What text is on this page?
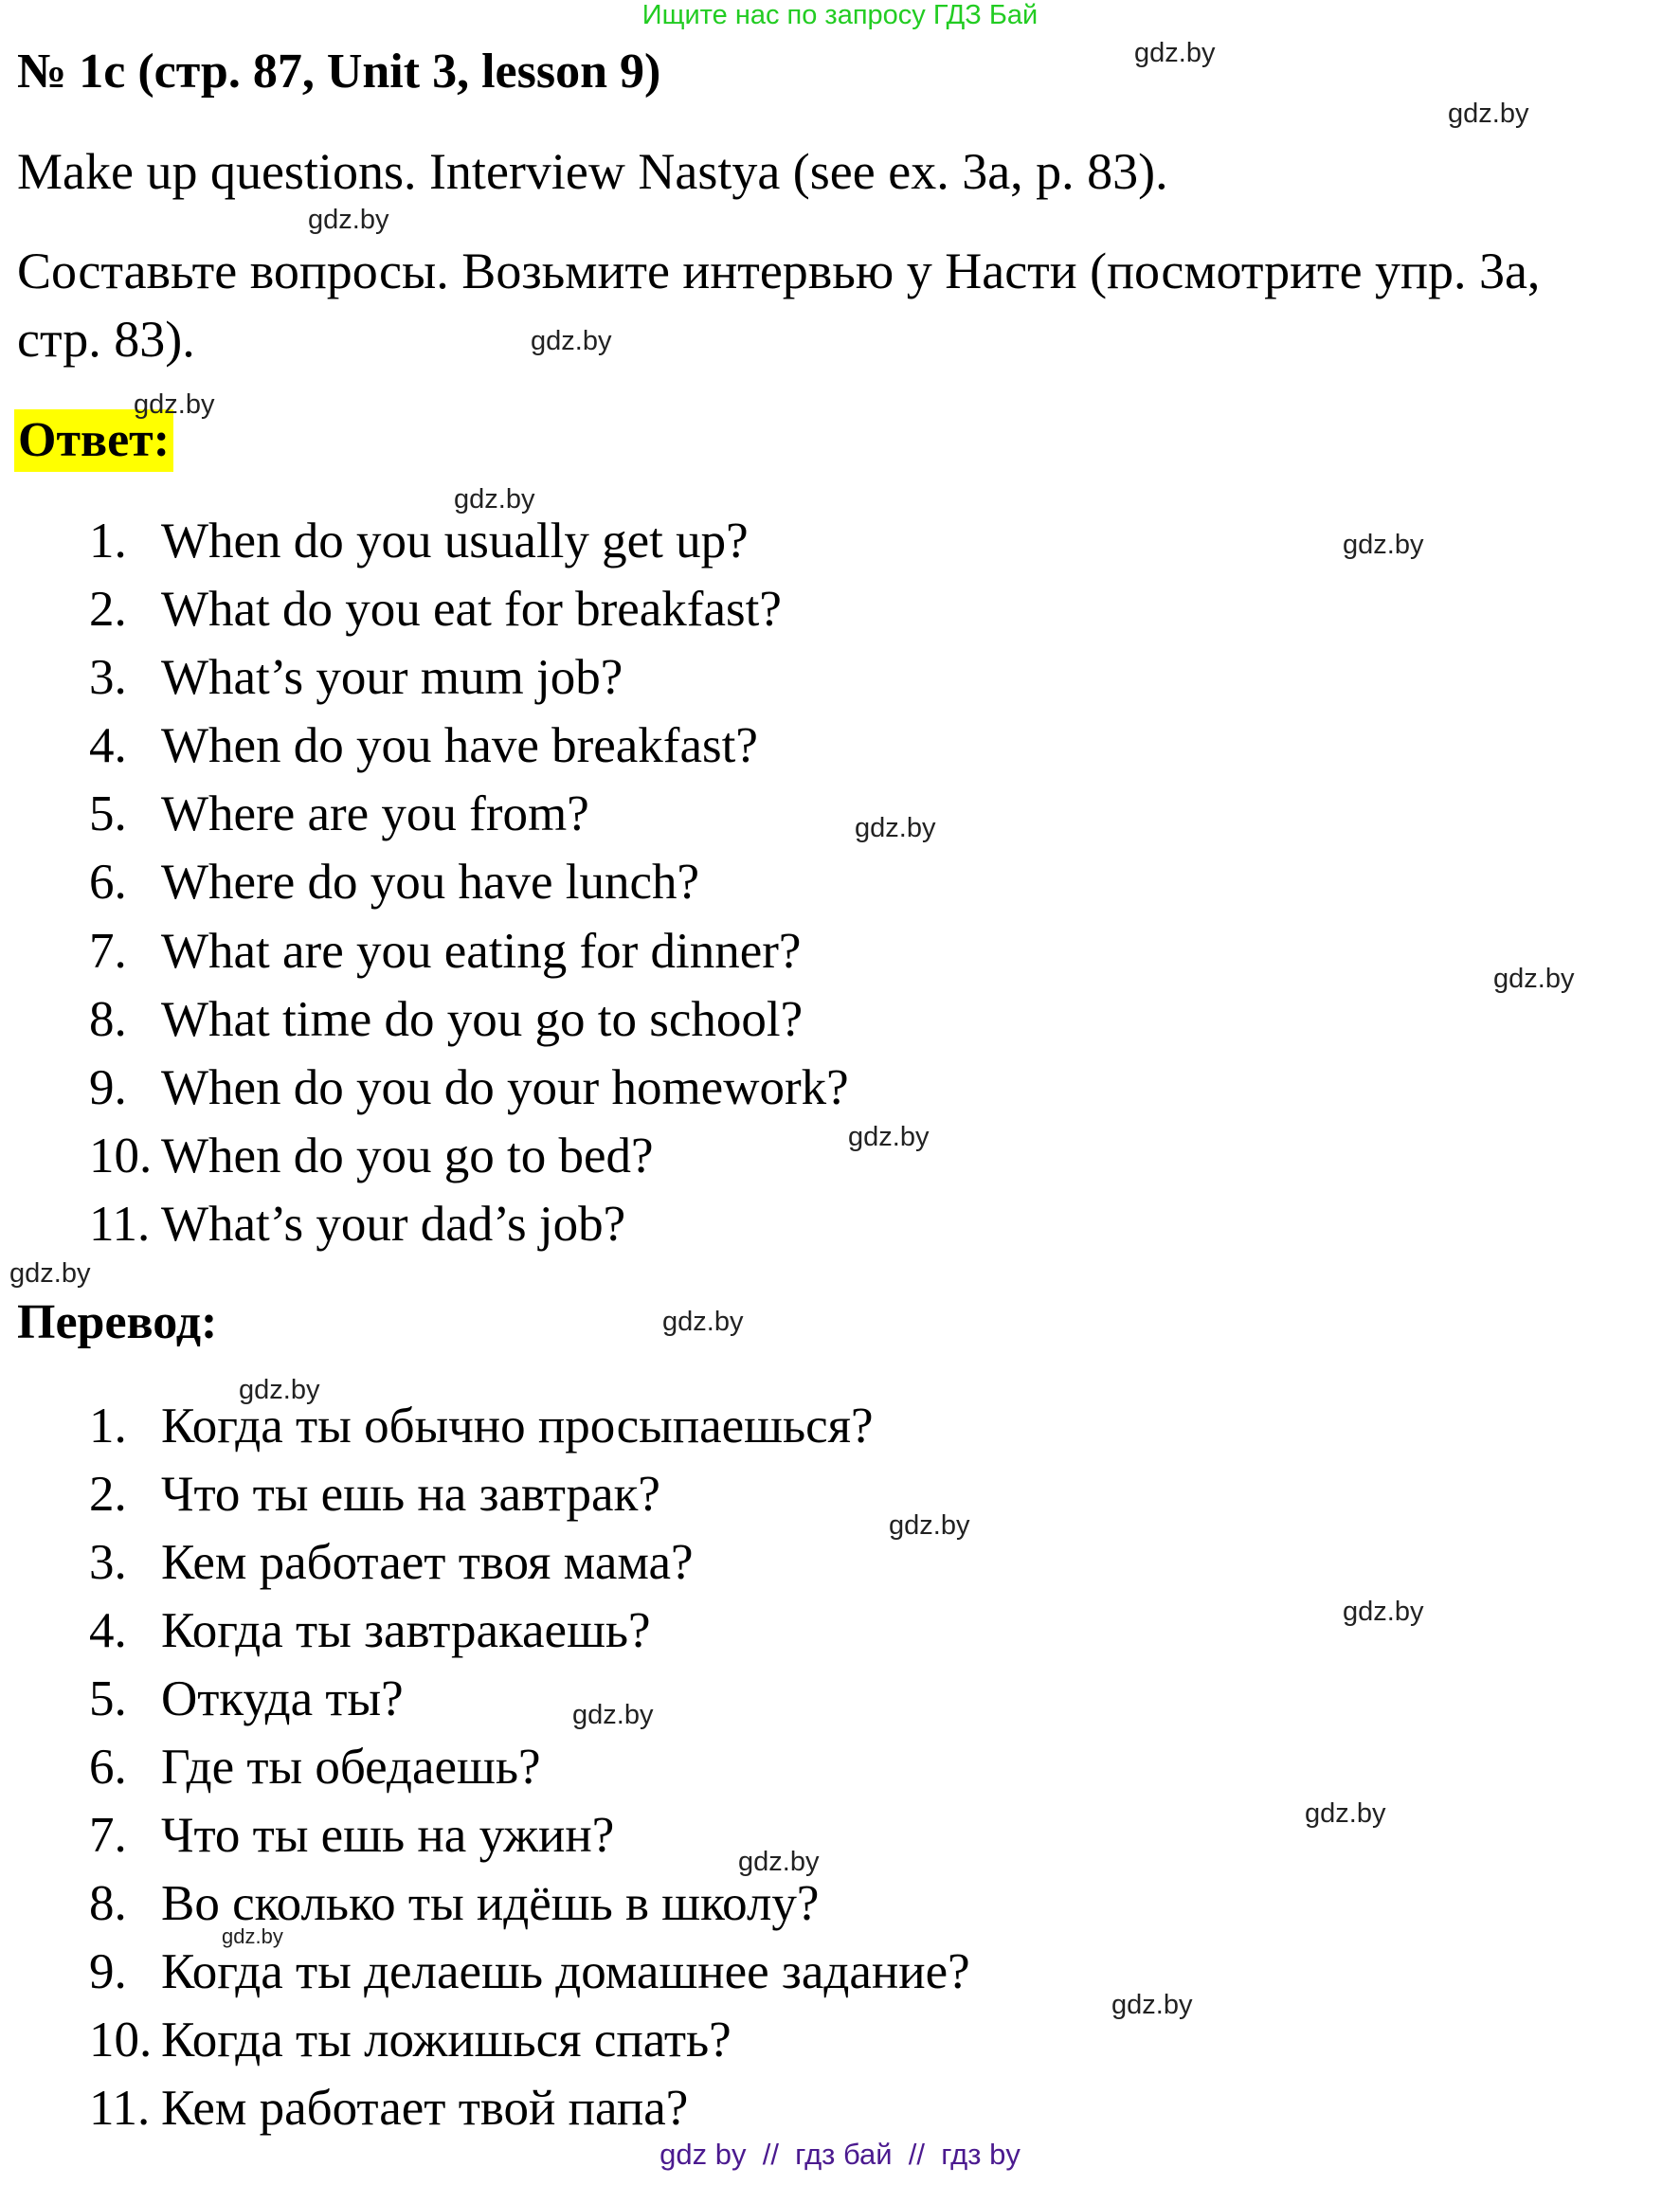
Ищите нас по запросу ГДЗ Бай
№ 1c (стр. 87, Unit 3, lesson 9)
Make up questions. Interview Nastya (see ex. 3a, p. 83).
Составьте вопросы. Возьмите интервью у Насти (посмотрите упр. 3а,
стр. 83).
Ответ:
1. When do you usually get up?
2. What do you eat for breakfast?
3. What’s your mum job?
4. When do you have breakfast?
5. Where are you from?
6. Where do you have lunch?
7. What are you eating for dinner?
8. What time do you go to school?
9. When do you do your homework?
10. When do you go to bed?
11. What’s your dad’s job?
Перевод:
1. Когда ты обычно просыпаешься?
2. Что ты ешь на завтрак?
3. Кем работает твоя мама?
4. Когда ты завтракаешь?
5. Откуда ты?
6. Где ты обедаешь?
7. Что ты ешь на ужин?
8. Во сколько ты идёшь в школу?
9. Когда ты делаешь домашнее задание?
10. Когда ты ложишься спать?
11. Кем работает твой папа?
gdz.by
gdz.by
gdz.by
gdz.by
gdz.by
gdz.by
gdz.by
gdz.by
gdz.by
gdz.by
gdz.by
gdz.by
gdz.by
gdz.by
gdz.by
gdz.by
gdz.by
gdz.by
gdz.by
gdz.by
gdz by  //  гдз бай  //  гдз by
